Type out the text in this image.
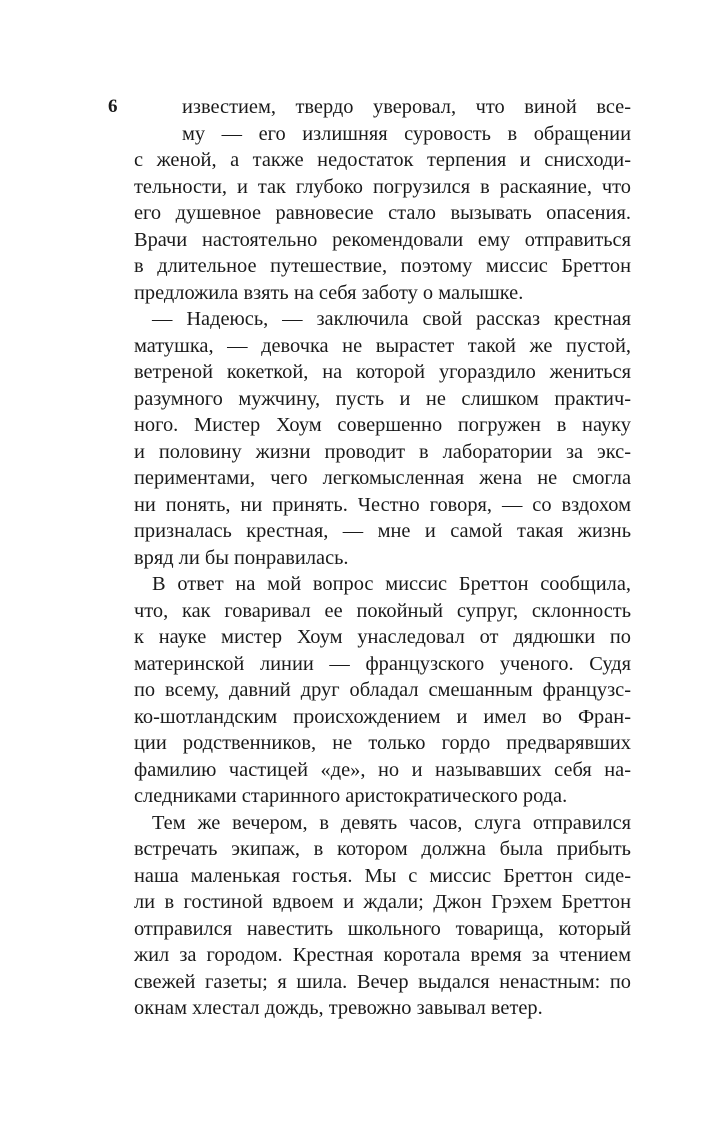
6	известием, твердо уверовал, что виной все-
му — его излишняя суровость в обращении
с женой, а также недостаток терпения и снисходи-
тельности, и так глубоко погрузился в раскаяние, что
его душевное равновесие стало вызывать опасения.
Врачи настоятельно рекомендовали ему отправиться
в длительное путешествие, поэтому миссис Бреттон
предложила взять на себя заботу о малышке.
— Надеюсь, — заключила свой рассказ крестная
матушка, — девочка не вырастет такой же пустой,
ветреной кокеткой, на которой угораздило жениться
разумного мужчину, пусть и не слишком практич-
ного. Мистер Хоум совершенно погружен в науку
и половину жизни проводит в лаборатории за экс-
периментами, чего легкомысленная жена не смогла
ни понять, ни принять. Честно говоря, — со вздохом
призналась крестная, — мне и самой такая жизнь
вряд ли бы понравилась.
В ответ на мой вопрос миссис Бреттон сообщила,
что, как говаривал ее покойный супруг, склонность
к науке мистер Хоум унаследовал от дядюшки по
материнской линии — французского ученого. Судя
по всему, давний друг обладал смешанным французс-
ко-шотландским происхождением и имел во Фран-
ции родственников, не только гордо предварявших
фамилию частицей «де», но и называвших себя на-
следниками старинного аристократического рода.
Тем же вечером, в девять часов, слуга отправился
встречать экипаж, в котором должна была прибыть
наша маленькая гостья. Мы с миссис Бреттон сиде-
ли в гостиной вдвоем и ждали; Джон Грэхем Бреттон
отправился навестить школьного товарища, который
жил за городом. Крестная коротала время за чтением
свежей газеты; я шила. Вечер выдался ненастным: по
окнам хлестал дождь, тревожно завывал ветер.
